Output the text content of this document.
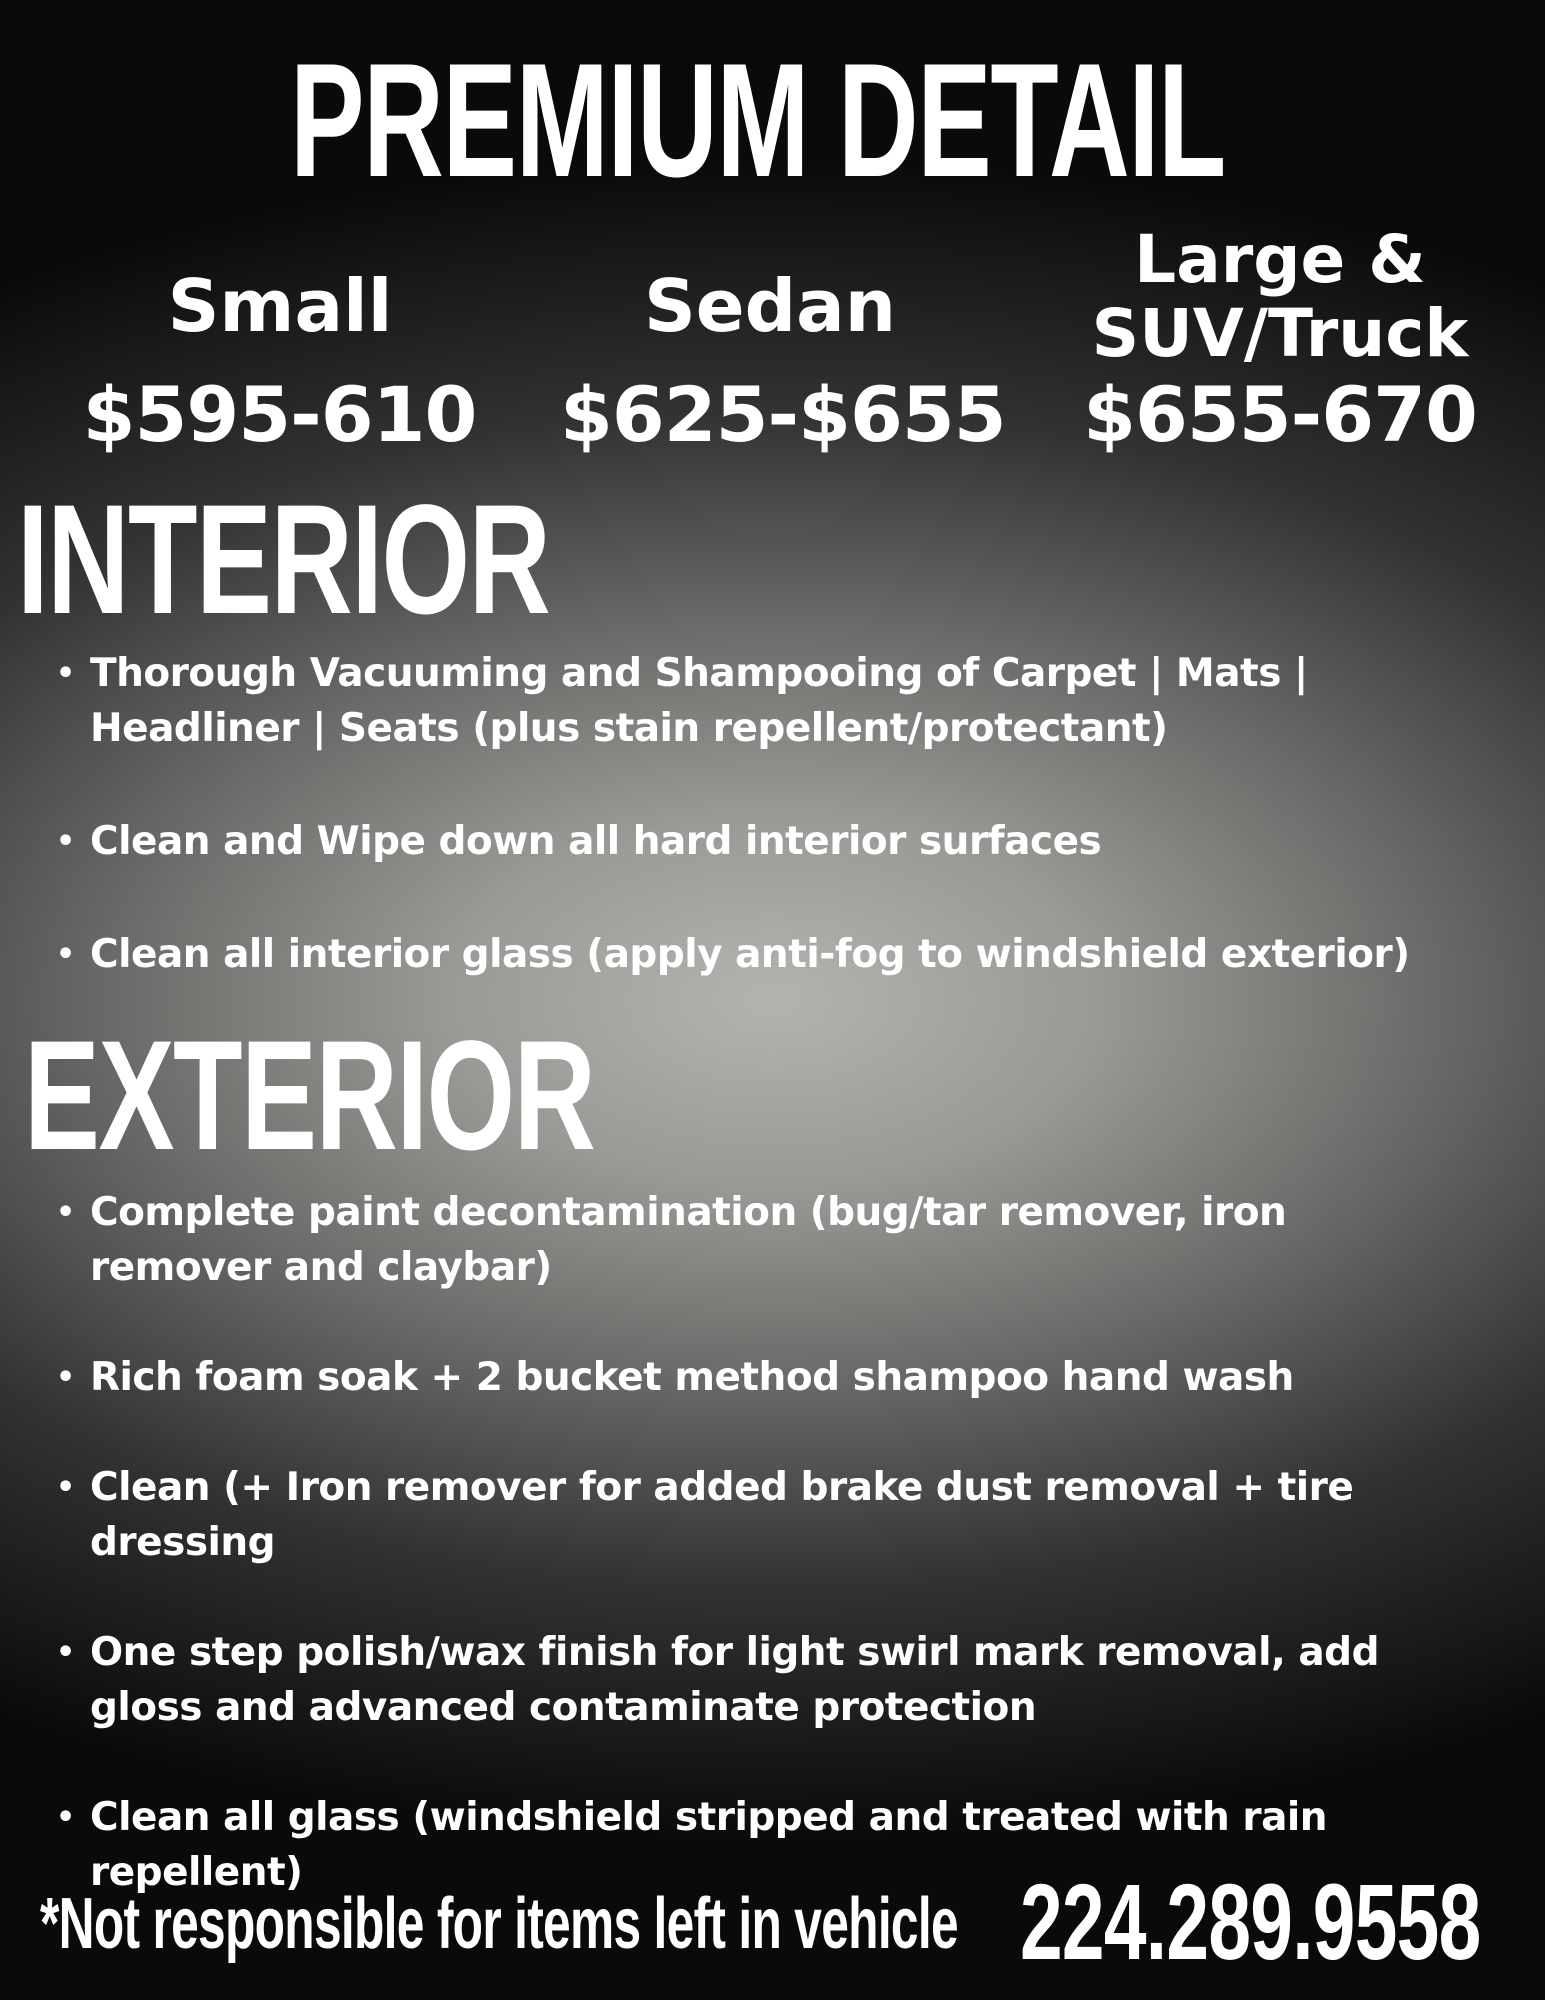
PREMIUM DETAIL
Small
$595-610
Sedan
$625-$655
Large & SUV/Truck
$655-670
INTERIOR
• Thorough Vacuuming and Shampooing of Carpet | Mats | Headliner | Seats (plus stain repellent/protectant)
• Clean and Wipe down all hard interior surfaces
• Clean all interior glass (apply anti-fog to windshield exterior)
EXTERIOR
• Complete paint decontamination (bug/tar remover, iron remover and claybar)
• Rich foam soak + 2 bucket method shampoo hand wash
• Clean (+ Iron remover for added brake dust removal + tire dressing
• One step polish/wax finish for light swirl mark removal, add gloss and advanced contaminate protection
• Clean all glass (windshield stripped and treated with rain repellent)
*Not responsible for items left in vehicle 224.289.9558
